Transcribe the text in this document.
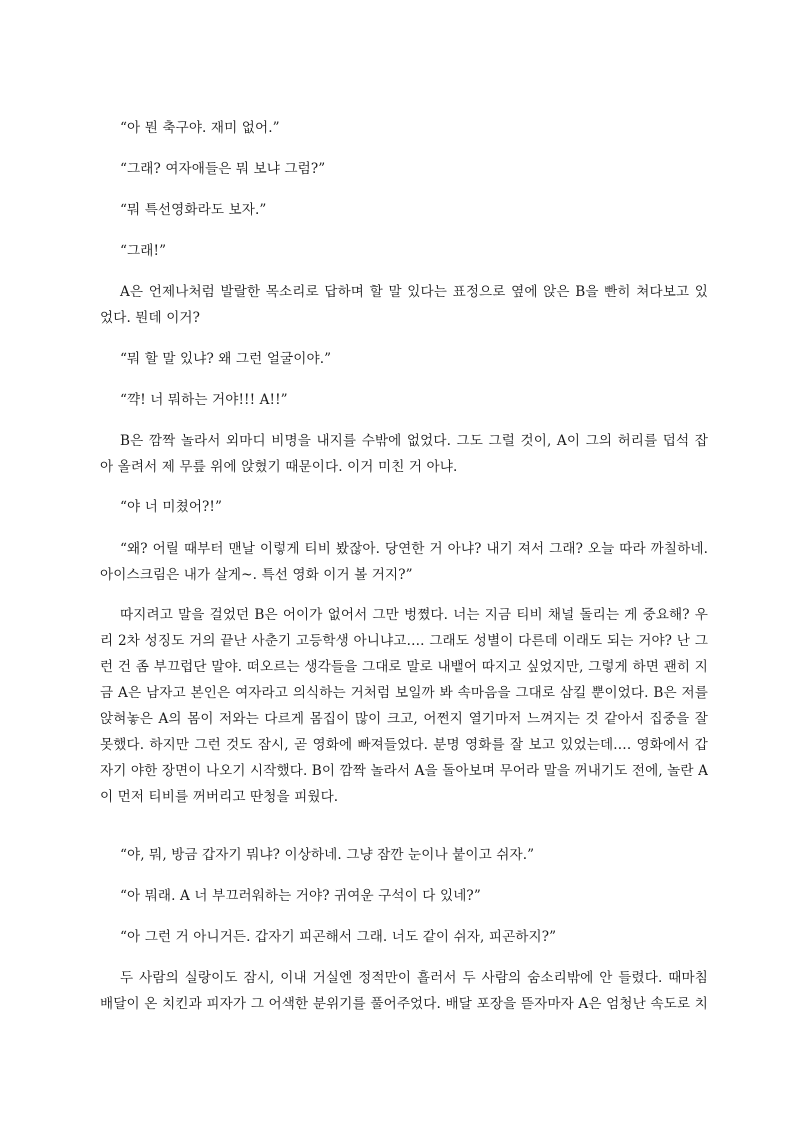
“아 뭔 축구야. 재미 없어.”

“그래? 여자애들은 뭐 보냐 그럼?”

“뭐 특선영화라도 보자.”

“그래!”

A은 언제나처럼 발랄한 목소리로 답하며 할 말 있다는 표정으로 옆에 앉은 B을 빤히 쳐다보고 있
었다. 뭔데 이거?

“뭐 할 말 있냐? 왜 그런 얼굴이야.”

“꺅! 너 뭐하는 거야!!! A!!”

B은 깜짝 놀라서 외마디 비명을 내지를 수밖에 없었다. 그도 그럴 것이, A이 그의 허리를 덥석 잡
아 올려서 제 무릎 위에 앉혔기 때문이다. 이거 미친 거 아냐.

“야 너 미쳤어?!”

“왜? 어릴 때부터 맨날 이렇게 티비 봤잖아. 당연한 거 아냐? 내기 져서 그래? 오늘 따라 까칠하네.
아이스크림은 내가 살게~. 특선 영화 이거 볼 거지?”

따지려고 말을 걸었던 B은 어이가 없어서 그만 벙쪘다. 너는 지금 티비 채널 돌리는 게 중요해? 우
리 2차 성징도 거의 끝난 사춘기 고등학생 아니냐고…. 그래도 성별이 다른데 이래도 되는 거야? 난 그
런 건 좀 부끄럽단 말야. 떠오르는 생각들을 그대로 말로 내뱉어 따지고 싶었지만, 그렇게 하면 괜히 지
금 A은 남자고 본인은 여자라고 의식하는 거처럼 보일까 봐 속마음을 그대로 삼킬 뿐이었다. B은 저를
앉혀놓은 A의 몸이 저와는 다르게 몸집이 많이 크고, 어쩐지 열기마저 느껴지는 것 같아서 집중을 잘
못했다. 하지만 그런 것도 잠시, 곧 영화에 빠져들었다. 분명 영화를 잘 보고 있었는데…. 영화에서 갑
자기 야한 장면이 나오기 시작했다. B이 깜짝 놀라서 A을 돌아보며 무어라 말을 꺼내기도 전에, 놀란 A
이 먼저 티비를 꺼버리고 딴청을 피웠다.

“야, 뭐, 방금 갑자기 뭐냐? 이상하네. 그냥 잠깐 눈이나 붙이고 쉬자.”

“아 뭐래. A 너 부끄러워하는 거야? 귀여운 구석이 다 있네?”

“아 그런 거 아니거든. 갑자기 피곤해서 그래. 너도 같이 쉬자, 피곤하지?”

두 사람의 실랑이도 잠시, 이내 거실엔 정적만이 흘러서 두 사람의 숨소리밖에 안 들렸다. 때마침
배달이 온 치킨과 피자가 그 어색한 분위기를 풀어주었다. 배달 포장을 뜯자마자 A은 엄청난 속도로 치
